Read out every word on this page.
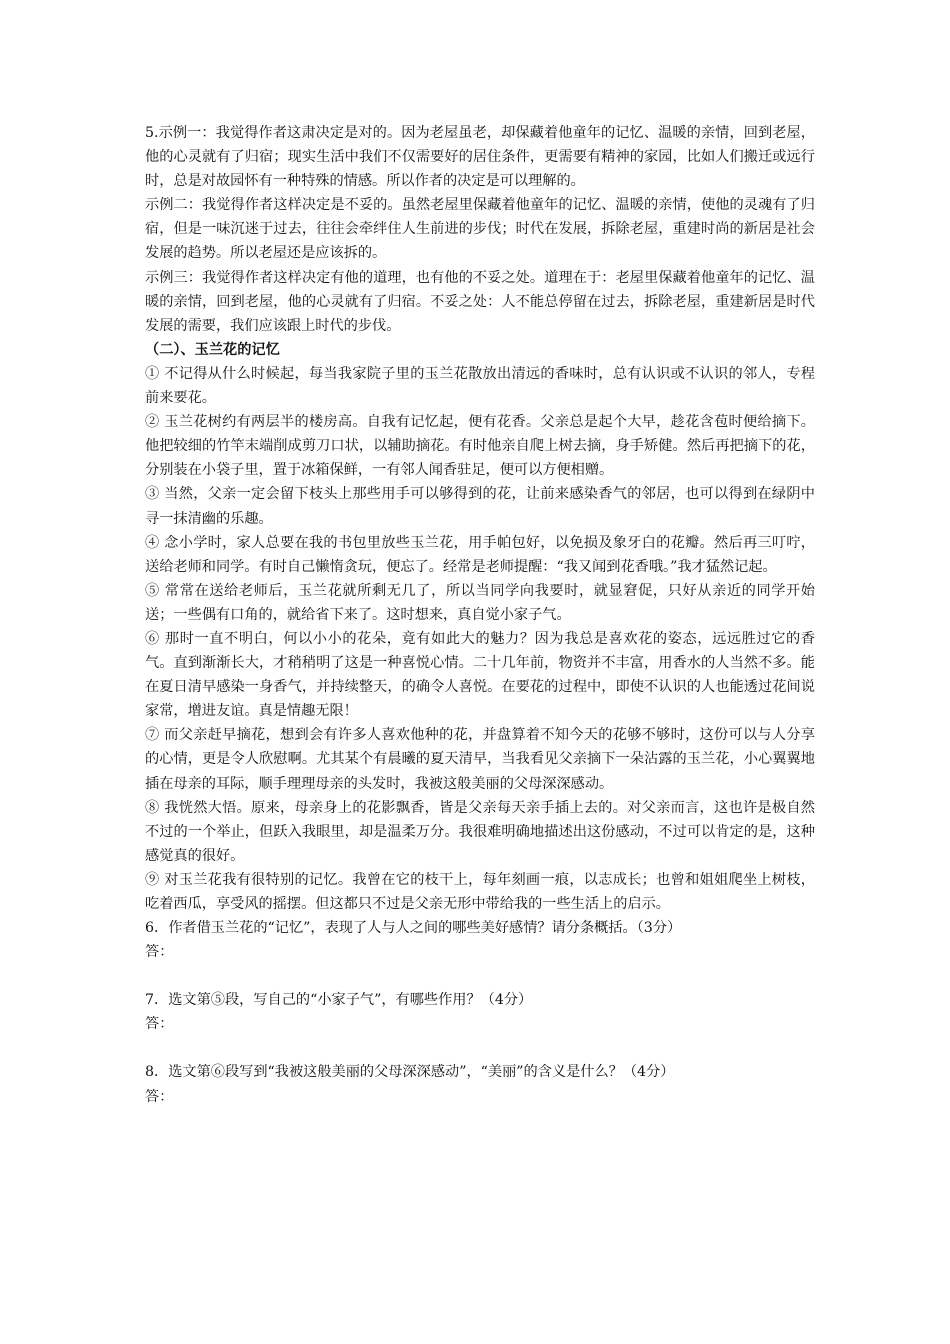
5.示例一：我觉得作者这肃决定是对的。因为老屋虽老，却保藏着他童年的记忆、温暖的亲情，回到老屋，他的心灵就有了归宿；现实生活中我们不仅需要好的居住条件，更需要有精神的家园，比如人们搬迁或远行时，总是对故园怀有一种特殊的情感。所以作者的决定是可以理解的。

示例二：我觉得作者这样决定是不妥的。虽然老屋里保藏着他童年的记忆、温暖的亲情，使他的灵魂有了归宿，但是一味沉迷于过去，往往会牵绊住人生前进的步伐；时代在发展，拆除老屋，重建时尚的新居是社会发展的趋势。所以老屋还是应该拆的。

示例三：我觉得作者这样决定有他的道理，也有他的不妥之处。道理在于：老屋里保藏着他童年的记忆、温暖的亲情，回到老屋，他的心灵就有了归宿。不妥之处：人不能总停留在过去，拆除老屋，重建新居是时代发展的需要，我们应该跟上时代的步伐。

（二）、玉兰花的记忆

① 不记得从什么时候起，每当我家院子里的玉兰花散放出清远的香味时，总有认识或不认识的邻人，专程前来要花。

② 玉兰花树约有两层半的楼房高。自我有记忆起，便有花香。父亲总是起个大早，趁花含苞时便给摘下。他把较细的竹竿末端削成剪刀口状，以辅助摘花。有时他亲自爬上树去摘，身手矫健。然后再把摘下的花，分别装在小袋子里，置于冰箱保鲜，一有邻人闻香驻足，便可以方便相赠。

③ 当然，父亲一定会留下枝头上那些用手可以够得到的花，让前来感染香气的邻居，也可以得到在绿阴中寻一抹清幽的乐趣。

④ 念小学时，家人总要在我的书包里放些玉兰花，用手帕包好，以免损及象牙白的花瓣。然后再三叮咛，送给老师和同学。有时自己懒惰贪玩，便忘了。经常是老师提醒：“我又闻到花香哦。”我才猛然记起。

⑤ 常常在送给老师后，玉兰花就所剩无几了，所以当同学向我要时，就显窘促，只好从亲近的同学开始送；一些偶有口角的，就给省下来了。这时想来，真自觉小家子气。

⑥ 那时一直不明白，何以小小的花朵，竟有如此大的魅力？因为我总是喜欢花的姿态，远远胜过它的香气。直到渐渐长大，才稍稍明了这是一种喜悦心情。二十几年前，物资并不丰富，用香水的人当然不多。能在夏日清早感染一身香气，并持续整天，的确令人喜悦。在要花的过程中，即使不认识的人也能透过花间说家常，增进友谊。真是情趣无限！

⑦ 而父亲赶早摘花，想到会有许多人喜欢他种的花，并盘算着不知今天的花够不够时，这份可以与人分享的心情，更是令人欣慰啊。尤其某个有晨曦的夏天清早，当我看见父亲摘下一朵沾露的玉兰花，小心翼翼地插在母亲的耳际，顺手理理母亲的头发时，我被这般美丽的父母深深感动。

⑧ 我恍然大悟。原来，母亲身上的花影飘香，皆是父亲每天亲手插上去的。对父亲而言，这也许是极自然不过的一个举止，但跃入我眼里，却是温柔万分。我很难明确地描述出这份感动，不过可以肯定的是，这种感觉真的很好。

⑨ 对玉兰花我有很特别的记忆。我曾在它的枝干上，每年刻画一痕，以志成长；也曾和姐姐爬坐上树枝，吃着西瓜，享受风的摇摆。但这都只不过是父亲无形中带给我的一些生活上的启示。

6．作者借玉兰花的“记忆”，表现了人与人之间的哪些美好感情？请分条概括。（3分）

答：

7．选文第⑤段，写自己的“小家子气”，有哪些作用？（4分）

答：

8．选文第⑥段写到“我被这般美丽的父母深深感动”，“美丽”的含义是什么？（4分）

答：
